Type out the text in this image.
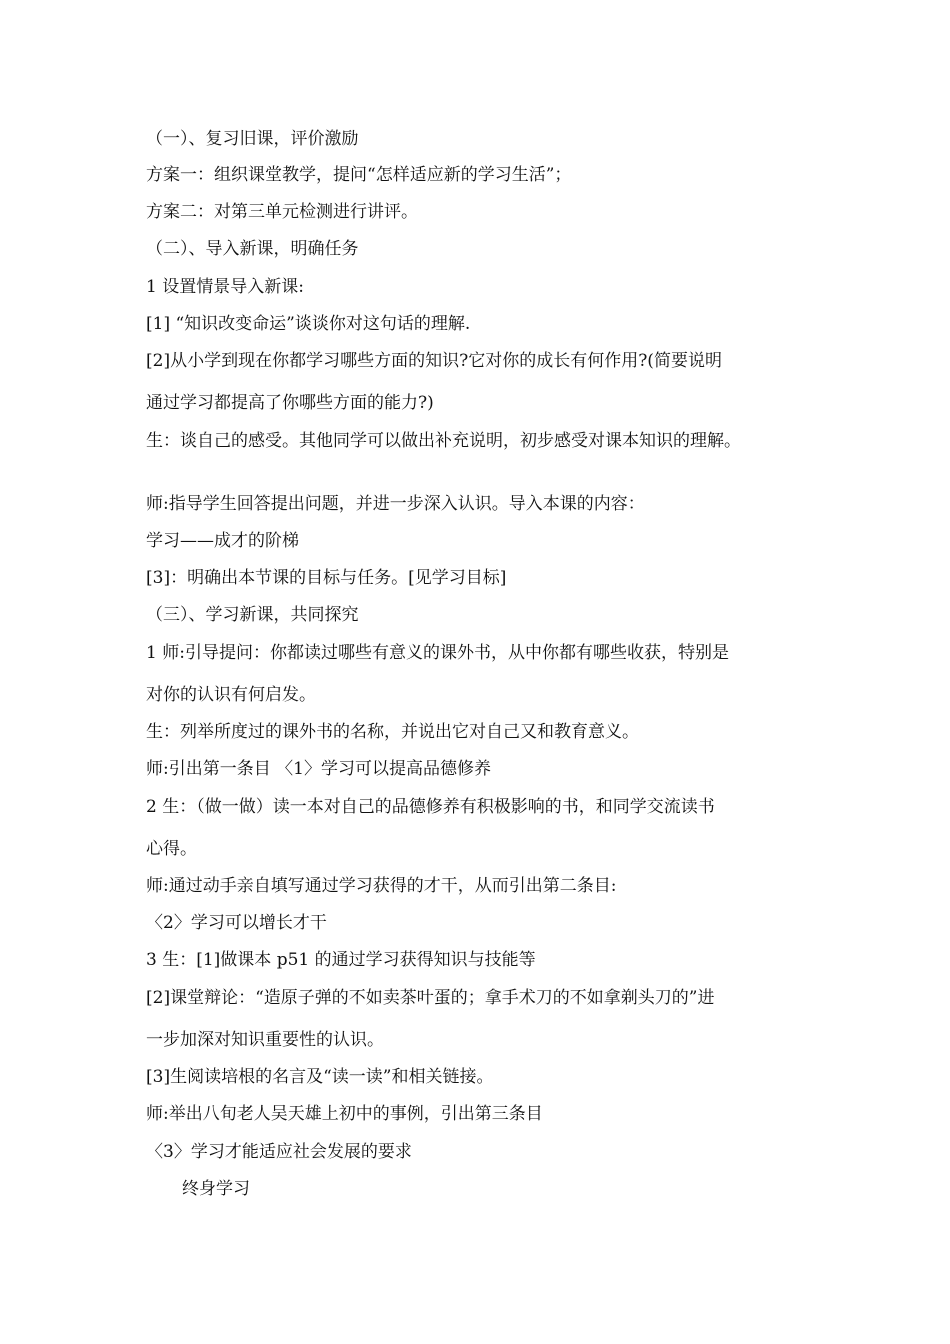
（一）、复习旧课，评价激励
方案一：组织课堂教学，提问“怎样适应新的学习生活”；
方案二：对第三单元检测进行讲评。
（二）、导入新课，明确任务
1 设置情景导入新课:
[1] “知识改变命运”谈谈你对这句话的理解.
[2]从小学到现在你都学习哪些方面的知识?它对你的成长有何作用?(简要说明
通过学习都提高了你哪些方面的能力?)
生：谈自己的感受。其他同学可以做出补充说明，初步感受对课本知识的理解。
师:指导学生回答提出问题，并进一步深入认识。导入本课的内容：
学习——成才的阶梯
[3]：明确出本节课的目标与任务。[见学习目标]
（三）、学习新课，共同探究
1 师:引导提问：你都读过哪些有意义的课外书，从中你都有哪些收获，特别是
对你的认识有何启发。
生：列举所度过的课外书的名称，并说出它对自己又和教育意义。
师:引出第一条目 〈1〉学习可以提高品德修养
2 生：（做一做）读一本对自己的品德修养有积极影响的书，和同学交流读书
心得。
师:通过动手亲自填写通过学习获得的才干，从而引出第二条目:
〈2〉学习可以增长才干
3 生：[1]做课本 p51 的通过学习获得知识与技能等
[2]课堂辩论：“造原子弹的不如卖茶叶蛋的；拿手术刀的不如拿剃头刀的”进
一步加深对知识重要性的认识。
[3]生阅读培根的名言及“读一读”和相关链接。
师:举出八旬老人吴天雄上初中的事例，引出第三条目
〈3〉学习才能适应社会发展的要求
终身学习
